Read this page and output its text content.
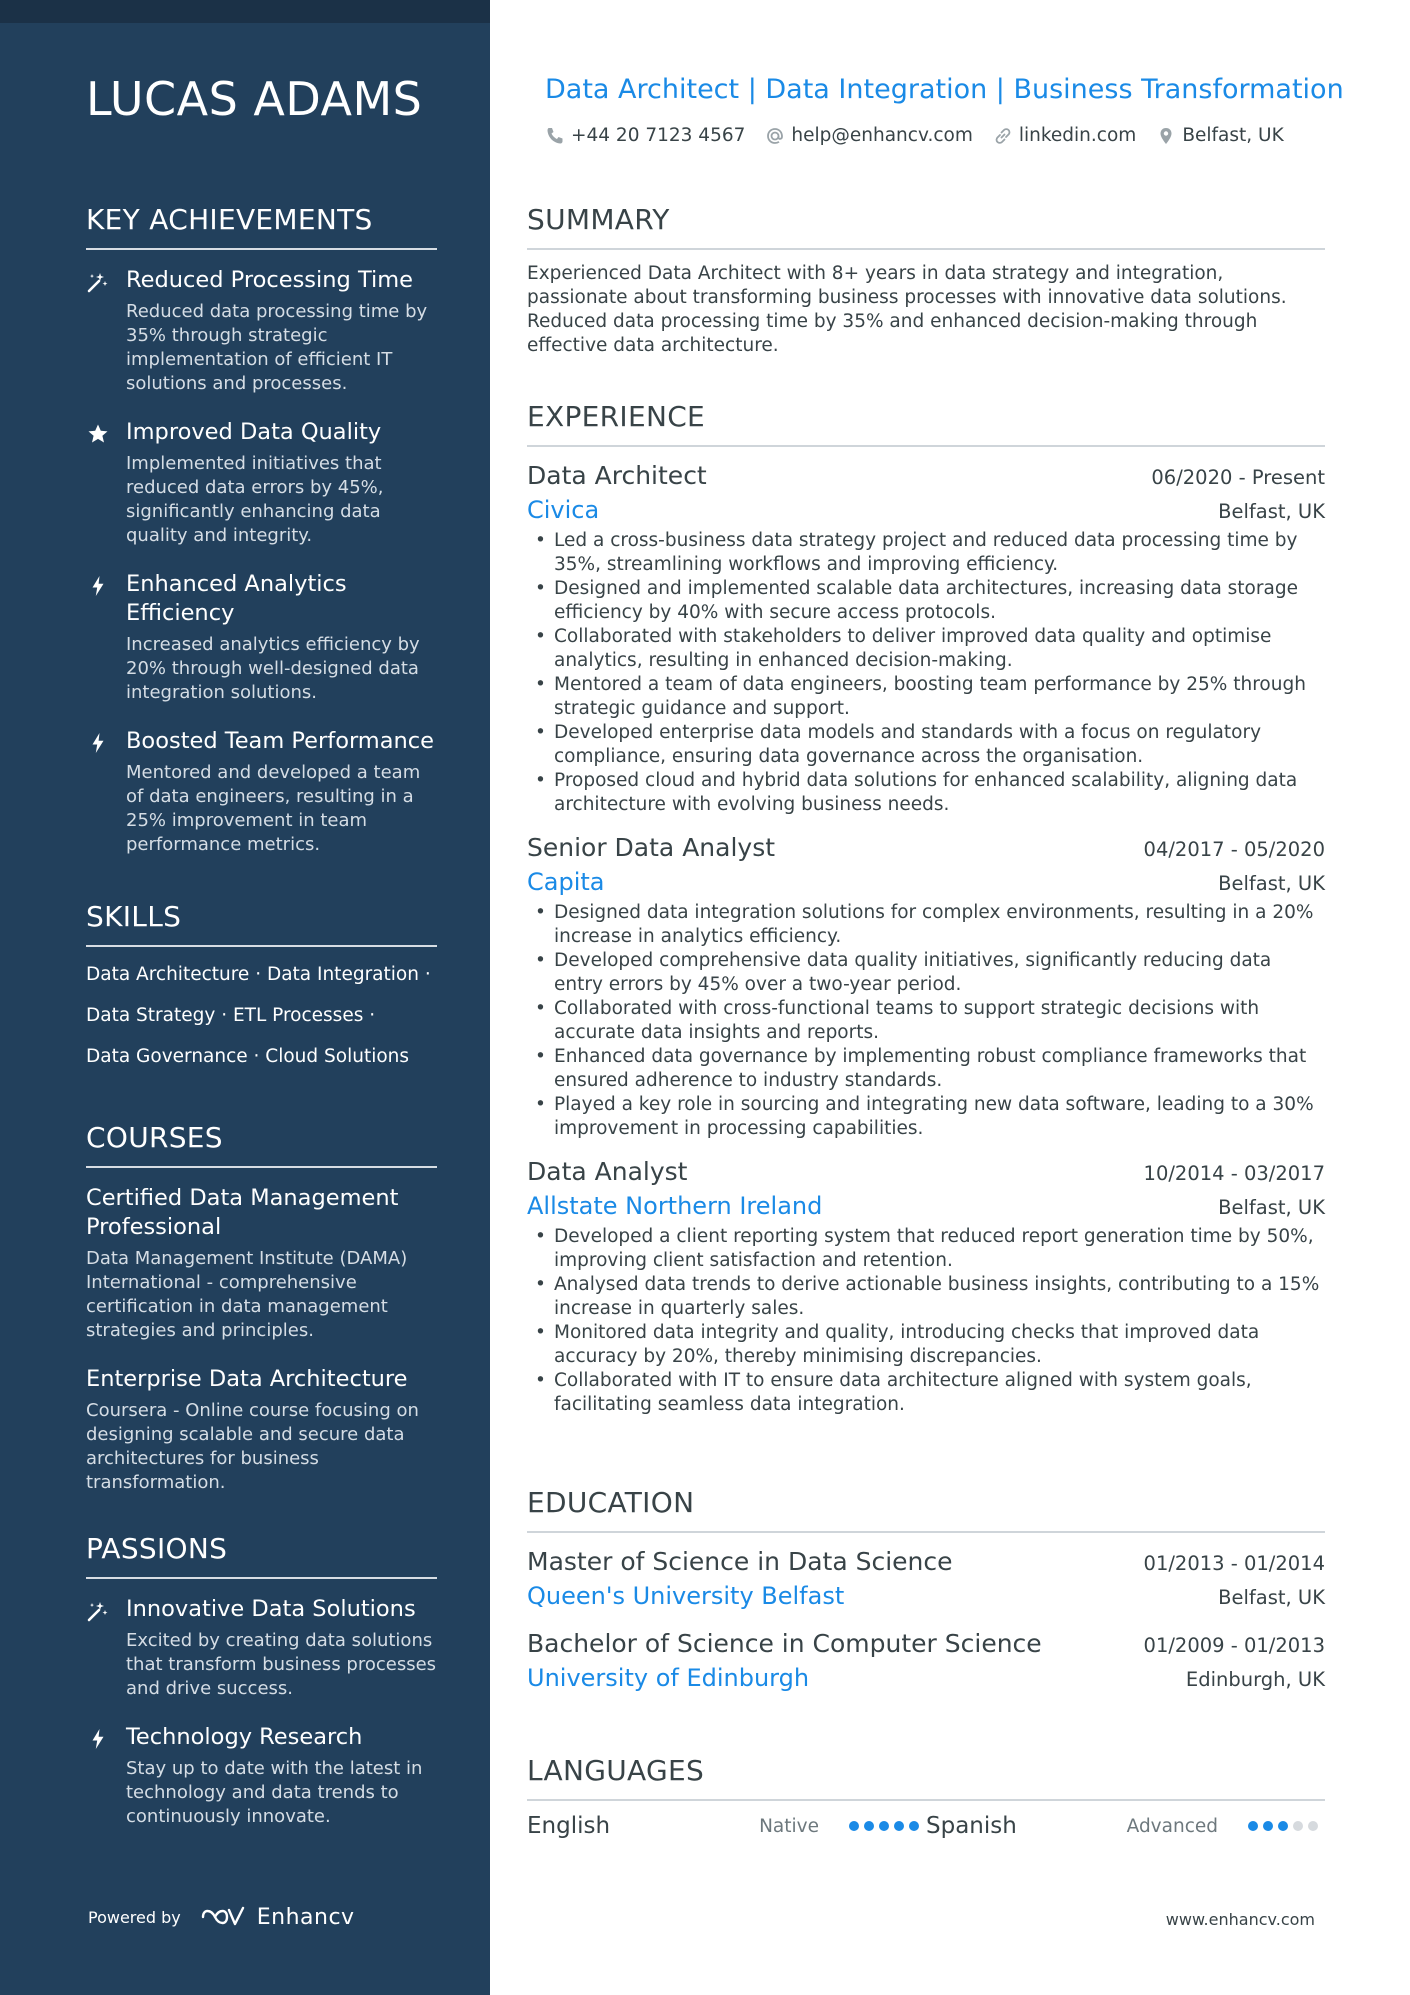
LUCAS ADAMS
KEY ACHIEVEMENTS
Reduced Processing Time
Reduced data processing time by 35% through strategic implementation of efficient IT solutions and processes.
Improved Data Quality
Implemented initiatives that reduced data errors by 45%, significantly enhancing data quality and integrity.
Enhanced Analytics Efficiency
Increased analytics efficiency by 20% through well-designed data integration solutions.
Boosted Team Performance
Mentored and developed a team of data engineers, resulting in a 25% improvement in team performance metrics.
SKILLS
Data Architecture · Data Integration ·
Data Strategy · ETL Processes ·
Data Governance · Cloud Solutions
COURSES
Certified Data Management Professional
Data Management Institute (DAMA) International - comprehensive certification in data management strategies and principles.
Enterprise Data Architecture
Coursera - Online course focusing on designing scalable and secure data architectures for business transformation.
PASSIONS
Innovative Data Solutions
Excited by creating data solutions that transform business processes and drive success.
Technology Research
Stay up to date with the latest in technology and data trends to continuously innovate.
Powered by	Enhancv
Data Architect | Data Integration | Business Transformation
+44 20 7123 4567 help@enhancv.com linkedin.com Belfast, UK
SUMMARY

Experienced Data Architect with 8+ years in data strategy and integration, passionate about transforming business processes with innovative data solutions. Reduced data processing time by 35% and enhanced decision-making through effective data architecture.

EXPERIENCE
Data Architect	06/2020 - Present
Civica	Belfast, UK
• Led a cross-business data strategy project and reduced data processing time by 35%, streamlining workflows and improving efficiency.
• Designed and implemented scalable data architectures, increasing data storage efficiency by 40% with secure access protocols.
• Collaborated with stakeholders to deliver improved data quality and optimise analytics, resulting in enhanced decision-making.
• Mentored a team of data engineers, boosting team performance by 25% through strategic guidance and support.
• Developed enterprise data models and standards with a focus on regulatory compliance, ensuring data governance across the organisation.
• Proposed cloud and hybrid data solutions for enhanced scalability, aligning data architecture with evolving business needs.
Senior Data Analyst	04/2017 - 05/2020
Capita	Belfast, UK
• Designed data integration solutions for complex environments, resulting in a 20% increase in analytics efficiency.
• Developed comprehensive data quality initiatives, significantly reducing data entry errors by 45% over a two-year period.
• Collaborated with cross-functional teams to support strategic decisions with accurate data insights and reports.
• Enhanced data governance by implementing robust compliance frameworks that ensured adherence to industry standards.
• Played a key role in sourcing and integrating new data software, leading to a 30% improvement in processing capabilities.
Data Analyst	10/2014 - 03/2017
Allstate Northern Ireland	Belfast, UK
• Developed a client reporting system that reduced report generation time by 50%, improving client satisfaction and retention.
• Analysed data trends to derive actionable business insights, contributing to a 15% increase in quarterly sales.
• Monitored data integrity and quality, introducing checks that improved data accuracy by 20%, thereby minimising discrepancies.
• Collaborated with IT to ensure data architecture aligned with system goals, facilitating seamless data integration.
EDUCATION
Master of Science in Data Science	01/2013 - 01/2014
Queen's University Belfast	Belfast, UK
Bachelor of Science in Computer Science	01/2009 - 01/2013
University of Edinburgh	Edinburgh, UK
LANGUAGES
English	Native	Spanish	Advanced
www.enhancv.com
